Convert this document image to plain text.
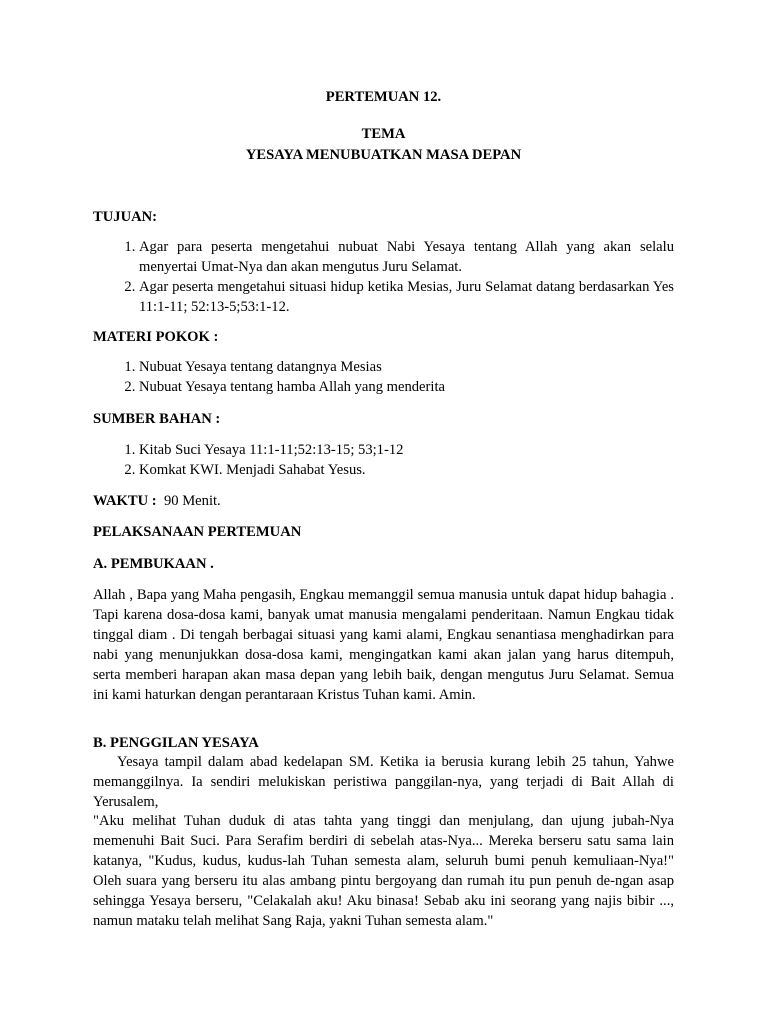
PERTEMUAN 12.
TEMA
YESAYA MENUBUATKAN MASA DEPAN
TUJUAN:
1. Agar para peserta mengetahui nubuat Nabi Yesaya tentang Allah yang akan selalu menyertai Umat-Nya dan akan mengutus Juru Selamat.
2. Agar peserta mengetahui situasi hidup ketika Mesias, Juru Selamat datang berdasarkan Yes 11:1-11; 52:13-5;53:1-12.
MATERI POKOK :
1. Nubuat Yesaya tentang datangnya Mesias
2. Nubuat Yesaya tentang hamba Allah yang menderita
SUMBER BAHAN :
1. Kitab Suci Yesaya 11:1-11;52:13-15; 53;1-12
2. Komkat KWI. Menjadi Sahabat Yesus.
WAKTU : 90 Menit.
PELAKSANAAN PERTEMUAN
A. PEMBUKAAN .

Allah , Bapa yang Maha pengasih, Engkau memanggil semua manusia untuk dapat hidup bahagia . Tapi karena dosa-dosa kami, banyak umat manusia mengalami penderitaan. Namun Engkau tidak tinggal diam . Di tengah berbagai situasi yang kami alami, Engkau senantiasa menghadirkan para nabi yang menunjukkan dosa-dosa kami, mengingatkan kami akan jalan yang harus ditempuh, serta memberi harapan akan masa depan yang lebih baik, dengan mengutus Juru Selamat. Semua ini kami haturkan dengan perantaraan Kristus Tuhan kami. Amin.

B. PENGGILAN YESAYA

Yesaya tampil dalam abad kedelapan SM. Ketika ia berusia kurang lebih 25 tahun, Yahwe memanggilnya. Ia sendiri melukiskan peristiwa panggilan-nya, yang terjadi di Bait Allah di Yerusalem,

"Aku melihat Tuhan duduk di atas tahta yang tinggi dan menjulang, dan ujung jubah-Nya memenuhi Bait Suci. Para Serafim berdiri di sebelah atas-Nya... Mereka berseru satu sama lain katanya, "Kudus, kudus, kudus-lah Tuhan semesta alam, seluruh bumi penuh kemuliaan-Nya!" Oleh suara yang berseru itu alas ambang pintu bergoyang dan rumah itu pun penuh de-ngan asap sehingga Yesaya berseru, "Celakalah aku! Aku binasa! Sebab aku ini seorang yang najis bibir ..., namun mataku telah melihat Sang Raja, yakni Tuhan semesta alam."
